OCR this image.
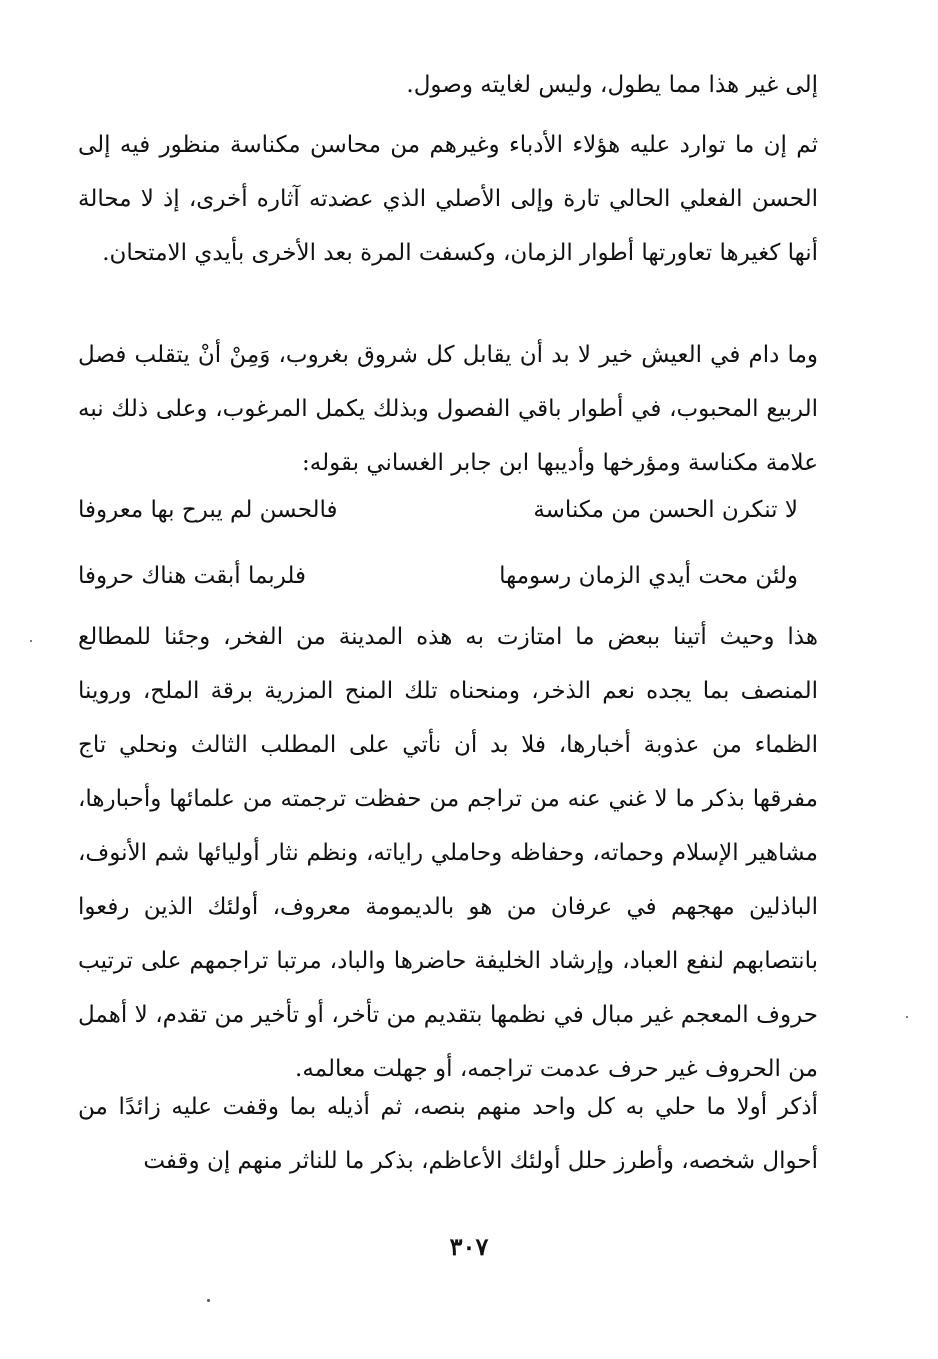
إلى غير هذا مما يطول، وليس لغايته وصول.
ثم إن ما توارد عليه هؤلاء الأدباء وغيرهم من محاسن مكناسة منظور فيه إلى الحسن الفعلي الحالي تارة وإلى الأصلي الذي عضدته آثاره أخرى، إذ لا محالة أنها كغيرها تعاورتها أطوار الزمان، وكسفت المرة بعد الأخرى بأيدي الامتحان.
وما دام في العيش خير لا بد أن يقابل كل شروق بغروب، وَمِنْ أنْ يتقلب فصل الربيع المحبوب، في أطوار باقي الفصول وبذلك يكمل المرغوب، وعلى ذلك نبه علامة مكناسة ومؤرخها وأديبها ابن جابر الغساني بقوله:
لا تنكرن الحسن من مكناسة
فالحسن لم يبرح بها معروفا
ولئن محت أيدي الزمان رسومها
فلربما أبقت هناك حروفا
هذا وحيث أتينا ببعض ما امتازت به هذه المدينة من الفخر، وجئنا للمطالع المنصف بما يجده نعم الذخر، ومنحناه تلك المنح المزرية برقة الملح، وروينا الظماء من عذوبة أخبارها، فلا بد أن نأتي على المطلب الثالث ونحلي تاج مفرقها بذكر ما لا غني عنه من تراجم من حفظت ترجمته من علمائها وأحبارها، مشاهير الإسلام وحماته، وحفاظه وحاملي راياته، ونظم نثار أوليائها شم الأنوف، الباذلين مهجهم في عرفان من هو بالديمومة معروف، أولئك الذين رفعوا بانتصابهم لنفع العباد، وإرشاد الخليفة حاضرها والباد، مرتبا تراجمهم على ترتيب حروف المعجم غير مبال في نظمها بتقديم من تأخر، أو تأخير من تقدم، لا أهمل من الحروف غير حرف عدمت تراجمه، أو جهلت معالمه.
أذكر أولا ما حلي به كل واحد منهم بنصه، ثم أذيله بما وقفت عليه زائدًا من أحوال شخصه، وأطرز حلل أولئك الأعاظم، بذكر ما للناثر منهم إن وقفت
٣٠٧
